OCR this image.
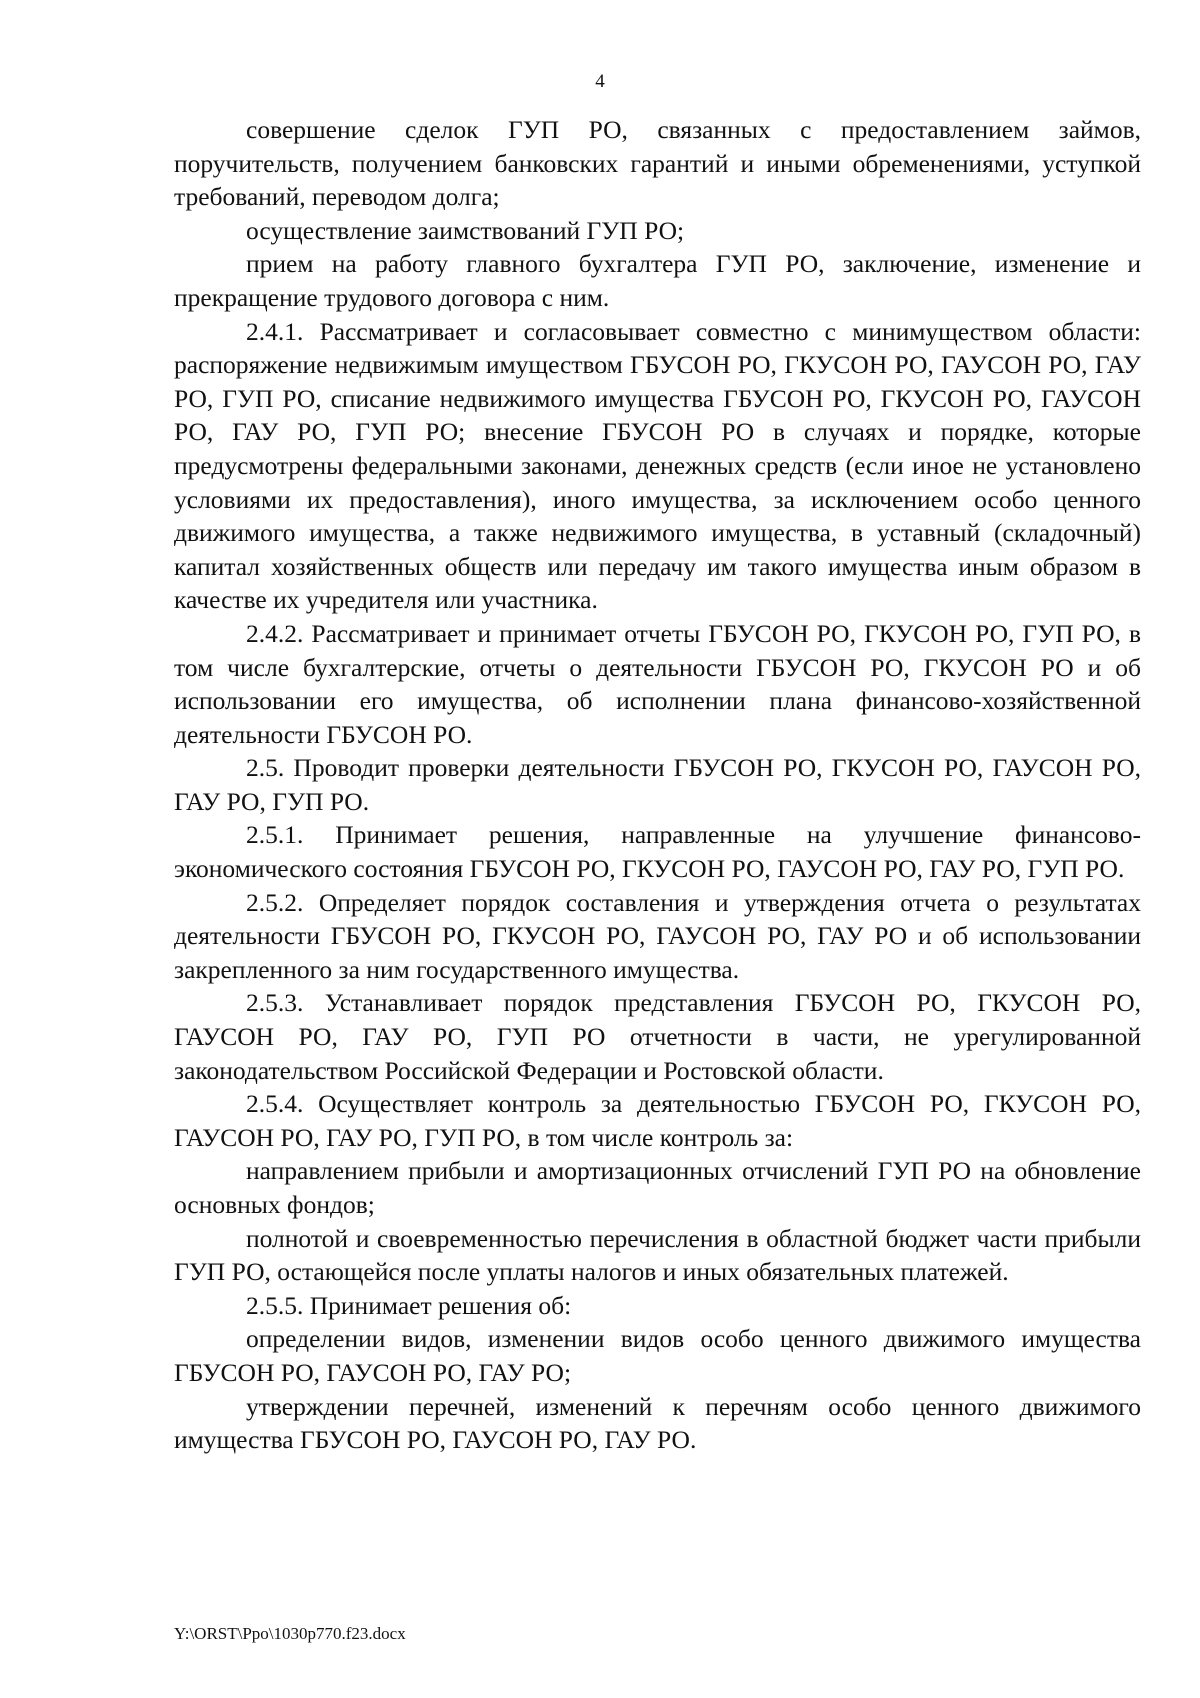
4

совершение сделок ГУП РО, связанных с предоставлением займов, поручительств, получением банковских гарантий и иными обременениями, уступкой требований, переводом долга;

осуществление заимствований ГУП РО;

прием на работу главного бухгалтера ГУП РО, заключение, изменение и прекращение трудового договора с ним.

2.4.1. Рассматривает и согласовывает совместно с минимуществом области: распоряжение недвижимым имуществом ГБУСОН РО, ГКУСОН РО, ГАУСОН РО, ГАУ РО, ГУП РО, списание недвижимого имущества ГБУСОН РО, ГКУСОН РО, ГАУСОН РО, ГАУ РО, ГУП РО; внесение ГБУСОН РО в случаях и порядке, которые предусмотрены федеральными законами, денежных средств (если иное не установлено условиями их предоставления), иного имущества, за исключением особо ценного движимого имущества, а также недвижимого имущества, в уставный (складочный) капитал хозяйственных обществ или передачу им такого имущества иным образом в качестве их учредителя или участника.

2.4.2. Рассматривает и принимает отчеты ГБУСОН РО, ГКУСОН РО, ГУП РО, в том числе бухгалтерские, отчеты о деятельности ГБУСОН РО, ГКУСОН РО и об использовании его имущества, об исполнении плана финансово-хозяйственной деятельности ГБУСОН РО.

2.5. Проводит проверки деятельности ГБУСОН РО, ГКУСОН РО, ГАУСОН РО, ГАУ РО, ГУП РО.

2.5.1. Принимает решения, направленные на улучшение финансово-экономического состояния ГБУСОН РО, ГКУСОН РО, ГАУСОН РО, ГАУ РО, ГУП РО.

2.5.2. Определяет порядок составления и утверждения отчета о результатах деятельности ГБУСОН РО, ГКУСОН РО, ГАУСОН РО, ГАУ РО и об использовании закрепленного за ним государственного имущества.

2.5.3. Устанавливает порядок представления ГБУСОН РО, ГКУСОН РО, ГАУСОН РО, ГАУ РО, ГУП РО отчетности в части, не урегулированной законодательством Российской Федерации и Ростовской области.

2.5.4. Осуществляет контроль за деятельностью ГБУСОН РО, ГКУСОН РО, ГАУСОН РО, ГАУ РО, ГУП РО, в том числе контроль за:

направлением прибыли и амортизационных отчислений ГУП РО на обновление основных фондов;

полнотой и своевременностью перечисления в областной бюджет части прибыли ГУП РО, остающейся после уплаты налогов и иных обязательных платежей.

2.5.5. Принимает решения об:

определении видов, изменении видов особо ценного движимого имущества ГБУСОН РО, ГАУСОН РО, ГАУ РО;

утверждении перечней, изменений к перечням особо ценного движимого имущества ГБУСОН РО, ГАУСОН РО, ГАУ РО.

Y:\ORST\Ppo\1030p770.f23.docx
